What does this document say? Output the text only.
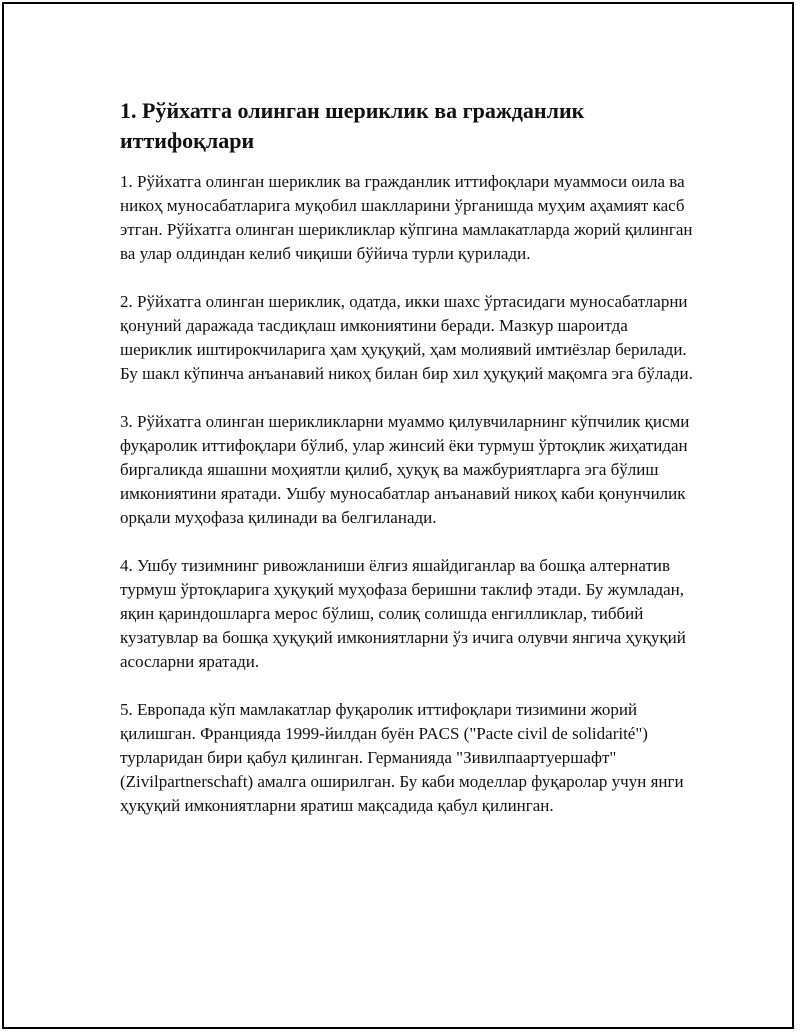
1. Рўйхатга олинган шериклик ва гражданлик иттифоқлари

1. Рўйхатга олинган шериклик ва гражданлик иттифоқлари муаммоси оила ва никоҳ муносабатларига муқобил шаклларини ўрганишда муҳим аҳамият касб этган. Рўйхатга олинган шерикликлар кўпгина мамлакатларда жорий қилинган ва улар олдиндан келиб чиқиши бўйича турли қурилади.

2. Рўйхатга олинган шериклик, одатда, икки шахс ўртасидаги муносабатларни қонуний даражада тасдиқлаш имкониятини беради. Мазкур шароитда шериклик иштирокчиларига ҳам ҳуқуқий, ҳам молиявий имтиёзлар берилади. Бу шакл кўпинча анъанавий никоҳ билан бир хил ҳуқуқий мақомга эга бўлади.

3. Рўйхатга олинган шерикликларни муаммо қилувчиларнинг кўпчилик қисми фуқаролик иттифоқлари бўлиб, улар жинсий ёки турмуш ўртоқлик жиҳатидан биргаликда яшашни моҳиятли қилиб, ҳуқуқ ва мажбуриятларга эга бўлиш имкониятини яратади. Ушбу муносабатлар анъанавий никоҳ каби қонунчилик орқали муҳофаза қилинади ва белгиланади.

4. Ушбу тизимнинг ривожланиши ёлғиз яшайдиганлар ва бошқа алтернатив турмуш ўртоқларига ҳуқуқий муҳофаза беришни таклиф этади. Бу жумладан, яқин қариндошларга мерос бўлиш, солиқ солишда енгилликлар, тиббий кузатувлар ва бошқа ҳуқуқий имкониятларни ўз ичига олувчи янгича ҳуқуқий асосларни яратади.

5. Европада кўп мамлакатлар фуқаролик иттифоқлари тизимини жорий қилишган. Францияда 1999-йилдан буён PACS ("Pacte civil de solidarité") турларидан бири қабул қилинган. Германияда "Зивилпаартуершафт" (Zivilpartnerschaft) амалга оширилган. Бу каби моделлар фуқаролар учун янги ҳуқуқий имкониятларни яратиш мақсадида қабул қилинган.
